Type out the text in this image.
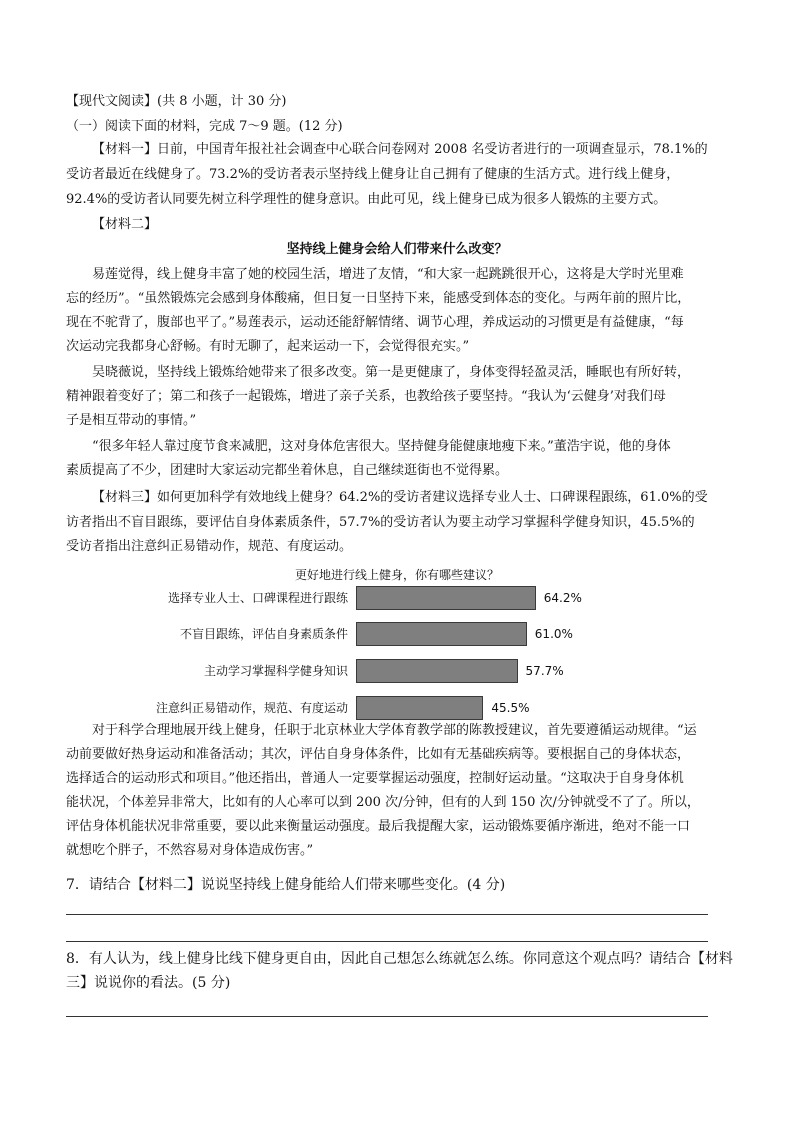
【现代文阅读】(共 8 小题，计 30 分)
（一）阅读下面的材料，完成 7～9 题。(12 分)
【材料一】日前，中国青年报社社会调查中心联合问卷网对 2008 名受访者进行的一项调查显示，78.1%的
受访者最近在线健身了。73.2%的受访者表示坚持线上健身让自己拥有了健康的生活方式。进行线上健身，
92.4%的受访者认同要先树立科学理性的健身意识。由此可见，线上健身已成为很多人锻炼的主要方式。
【材料二】
坚持线上健身会给人们带来什么改变？
易莲觉得，线上健身丰富了她的校园生活，增进了友情，“和大家一起跳跳很开心，这将是大学时光里难
忘的经历”。“虽然锻炼完会感到身体酸痛，但日复一日坚持下来，能感受到体态的变化。与两年前的照片比，
现在不驼背了，腹部也平了。”易莲表示，运动还能舒解情绪、调节心理，养成运动的习惯更是有益健康，“每
次运动完我都身心舒畅。有时无聊了，起来运动一下，会觉得很充实。”
吴晓薇说，坚持线上锻炼给她带来了很多改变。第一是更健康了，身体变得轻盈灵活，睡眠也有所好转，
精神跟着变好了；第二和孩子一起锻炼，增进了亲子关系，也教给孩子要坚持。“我认为‘云健身’对我们母
子是相互带动的事情。”
“很多年轻人靠过度节食来减肥，这对身体危害很大。坚持健身能健康地瘦下来。”董浩宇说，他的身体
素质提高了不少，团建时大家运动完都坐着休息，自己继续逛街也不觉得累。
【材料三】如何更加科学有效地线上健身？64.2%的受访者建议选择专业人士、口碑课程跟练，61.0%的受
访者指出不盲目跟练，要评估自身体素质条件，57.7%的受访者认为要主动学习掌握科学健身知识，45.5%的
受访者指出注意纠正易错动作，规范、有度运动。
更好地进行线上健身，你有哪些建议？
选择专业人士、口碑课程进行跟练	64.2%
不盲目跟练，评估自身素质条件	61.0%
主动学习掌握科学健身知识	57.7%
注意纠正易错动作，规范、有度运动	45.5%
对于科学合理地展开线上健身，任职于北京林业大学体育教学部的陈教授建议，首先要遵循运动规律。“运
动前要做好热身运动和准备活动；其次，评估自身身体条件，比如有无基础疾病等。要根据自己的身体状态，
选择适合的运动形式和项目。”他还指出，普通人一定要掌握运动强度，控制好运动量。“这取决于自身身体机
能状况，个体差异非常大，比如有的人心率可以到 200 次/分钟，但有的人到 150 次/分钟就受不了了。所以，
评估身体机能状况非常重要，要以此来衡量运动强度。最后我提醒大家，运动锻炼要循序渐进，绝对不能一口
就想吃个胖子，不然容易对身体造成伤害。”
7．请结合【材料二】说说坚持线上健身能给人们带来哪些变化。(4 分)
8．有人认为，线上健身比线下健身更自由，因此自己想怎么练就怎么练。你同意这个观点吗？请结合【材料
三】说说你的看法。(5 分)
